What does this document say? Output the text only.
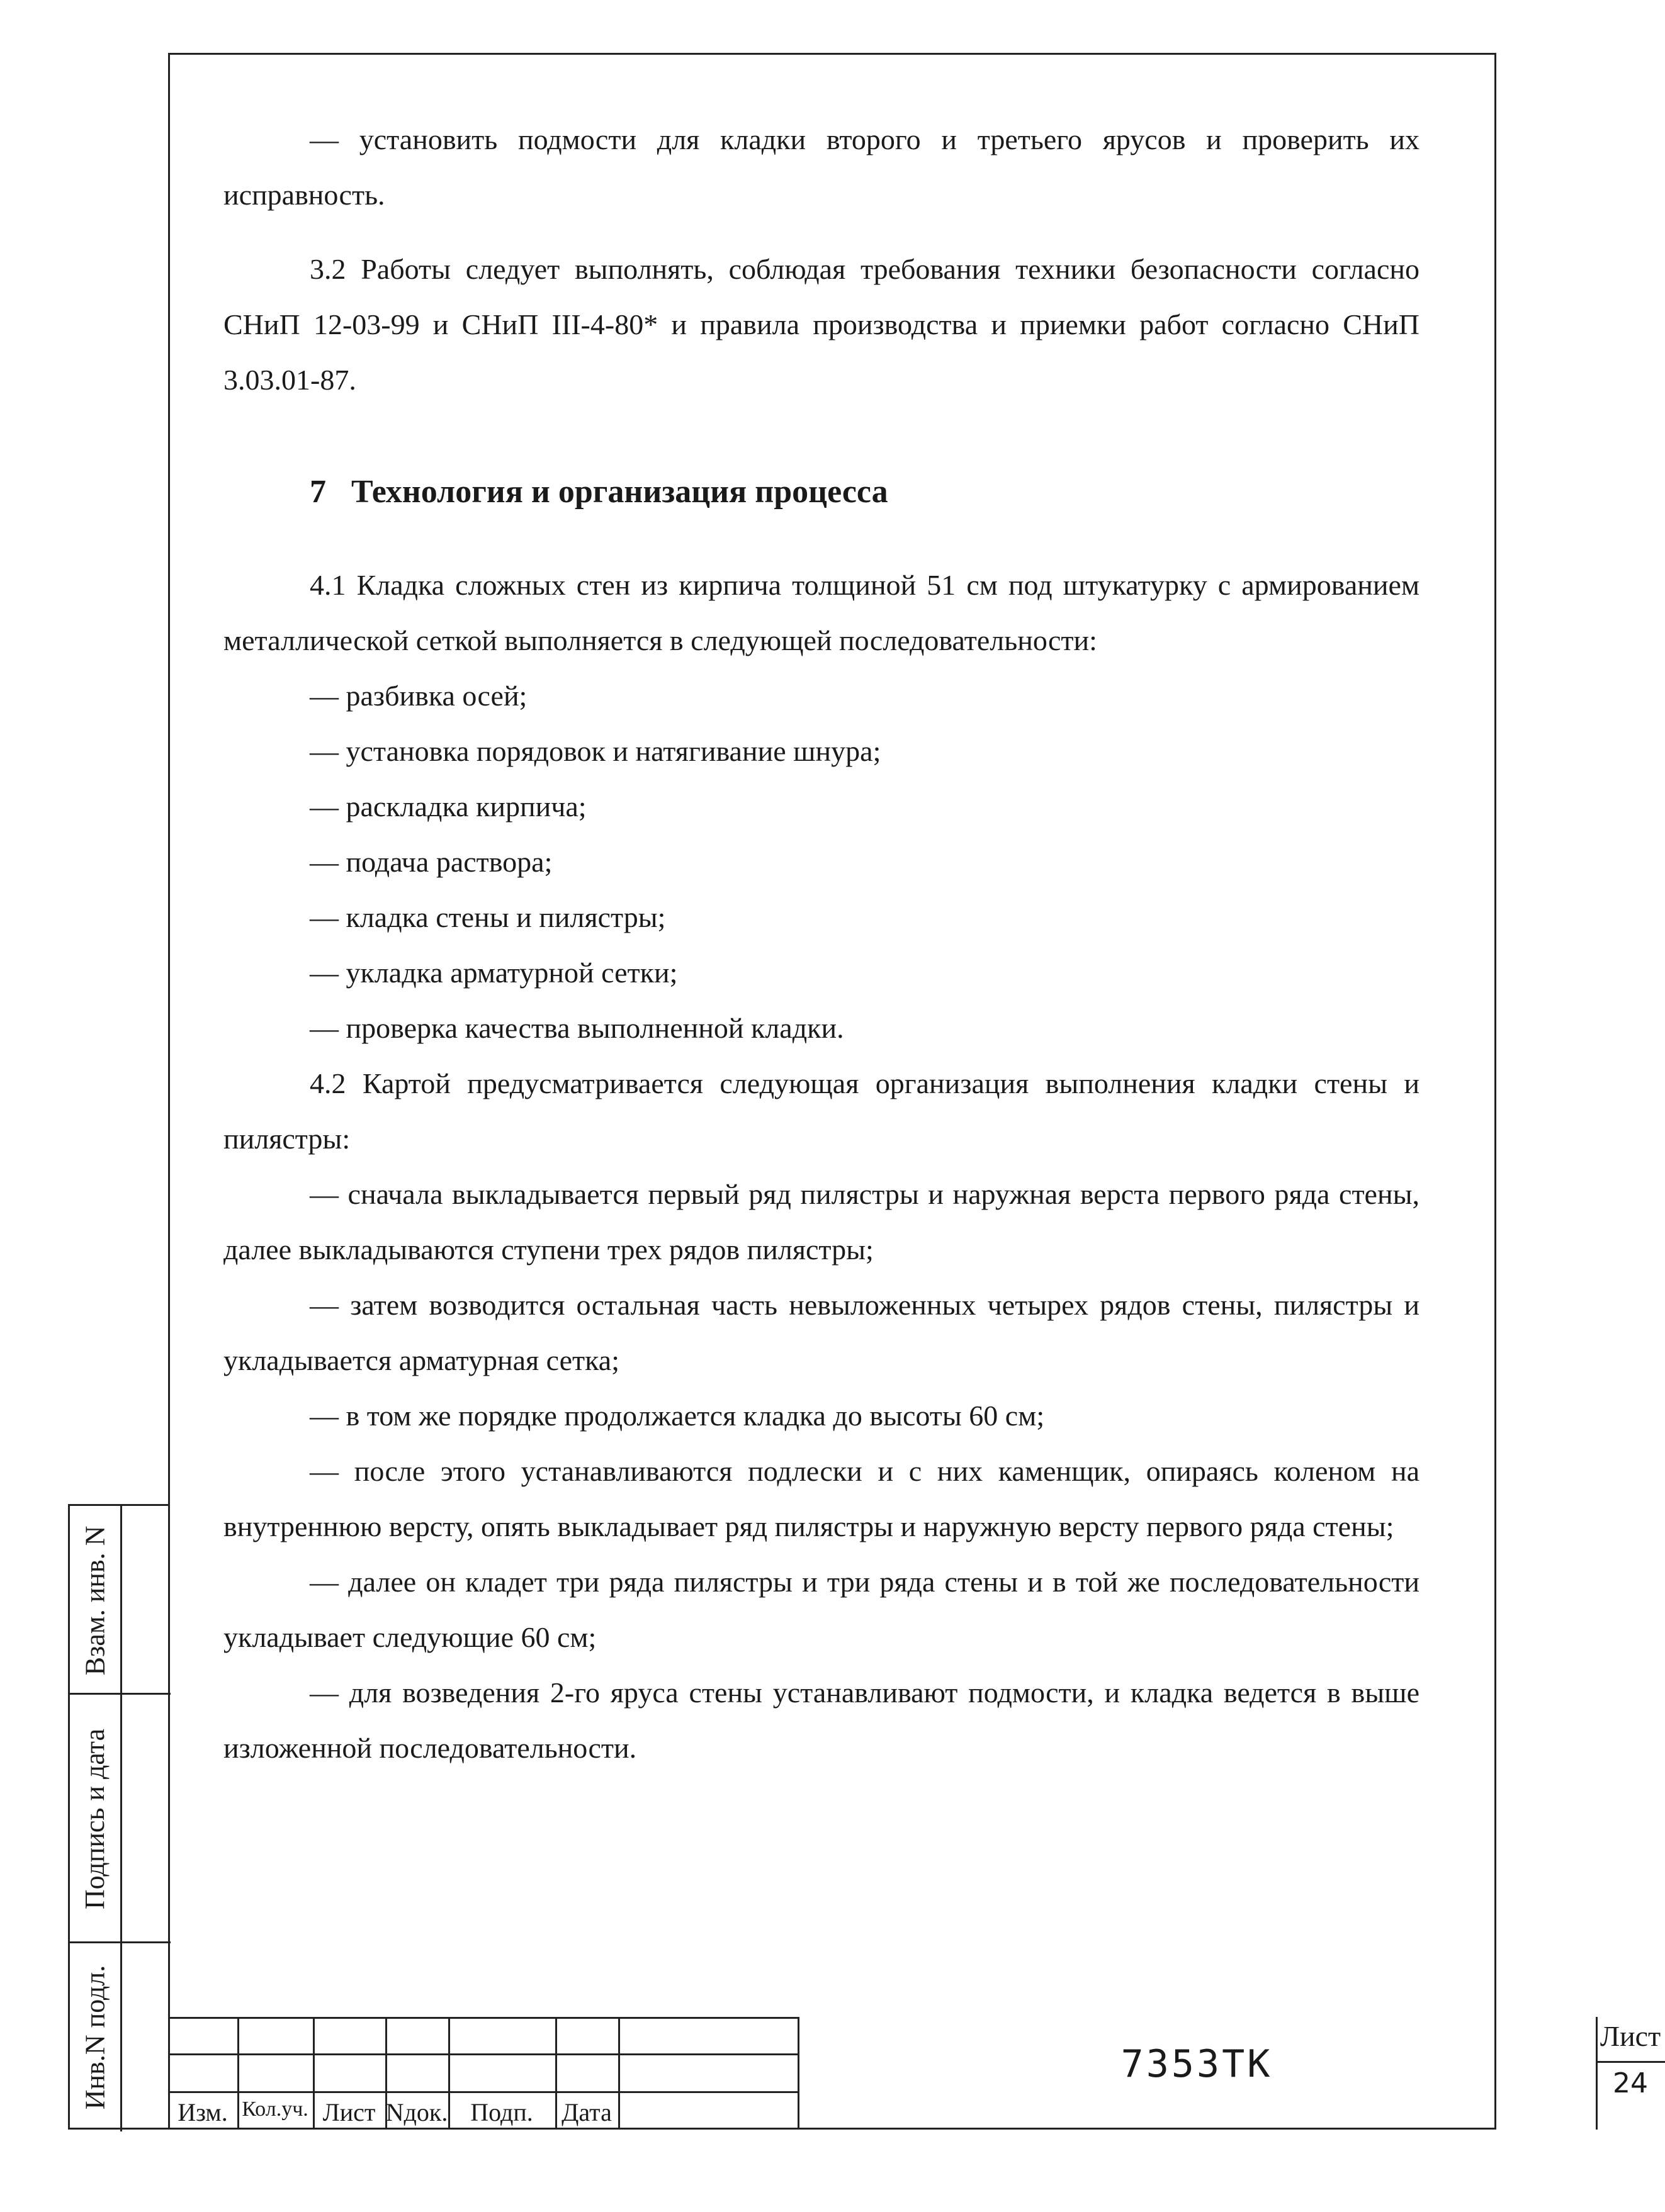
— установить подмости для кладки второго и третьего ярусов и проверить их исправность.

3.2 Работы следует выполнять, соблюдая требования техники безопасности согласно СНиП 12-03-99 и СНиП III-4-80* и правила производства и приемки работ согласно СНиП 3.03.01-87.

7 Технология и организация процесса

4.1 Кладка сложных стен из кирпича толщиной 51 см под штукатурку с армированием металлической сеткой выполняется в следующей последовательности:

— разбивка осей;

— установка порядовок и натягивание шнура;

— раскладка кирпича;

— подача раствора;

— кладка стены и пилястры;

— укладка арматурной сетки;

— проверка качества выполненной кладки.

4.2 Картой предусматривается следующая организация выполнения кладки стены и пилястры:

— сначала выкладывается первый ряд пилястры и наружная верста первого ряда стены, далее выкладываются ступени трех рядов пилястры;

— затем возводится остальная часть невыложенных четырех рядов стены, пилястры и укладывается арматурная сетка;

— в том же порядке продолжается кладка до высоты 60 см;

— после этого устанавливаются подлески и с них каменщик, опираясь коленом на внутреннюю версту, опять выкладывает ряд пилястры и наружную версту первого ряда стены;

— далее он кладет три ряда пилястры и три ряда стены и в той же последовательности укладывает следующие 60 см;

— для возведения 2-го яруса стены устанавливают подмости, и кладка ведется в выше изложенной последовательности.

Взам. инв. N
Подпись и дата
Инв.N подл.
Изм. Кол.уч. Лист Nдок. Подп.	Дата
7353ТК
Лист
24
